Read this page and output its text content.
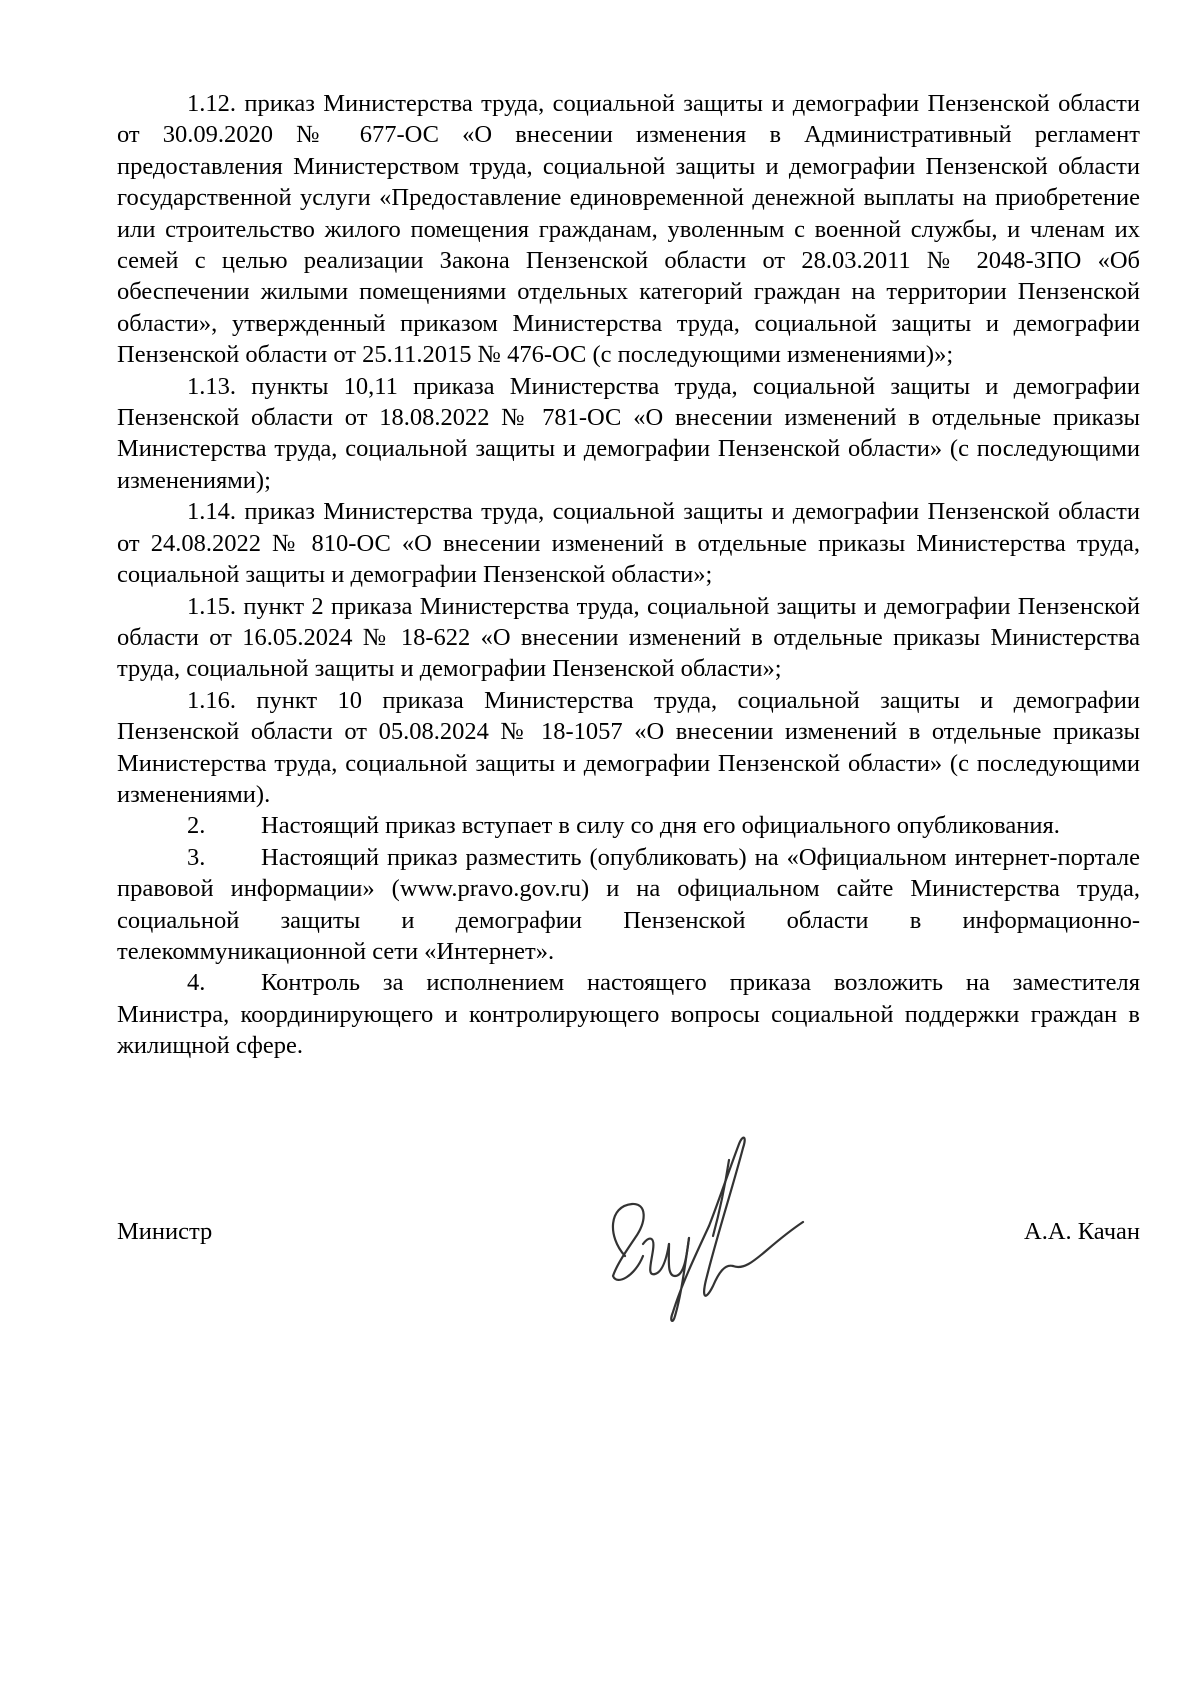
1.12. приказ Министерства труда, социальной защиты и демографии Пензенской области от 30.09.2020 № 677-ОС «О внесении изменения в Административный регламент предоставления Министерством труда, социальной защиты и демографии Пензенской области государственной услуги «Предоставление единовременной денежной выплаты на приобретение или строительство жилого помещения гражданам, уволенным с военной службы, и членам их семей с целью реализации Закона Пензенской области от 28.03.2011 № 2048-ЗПО «Об обеспечении жилыми помещениями отдельных категорий граждан на территории Пензенской области», утвержденный приказом Министерства труда, социальной защиты и демографии Пензенской области от 25.11.2015 № 476-ОС (с последующими изменениями)»;

1.13. пункты 10,11 приказа Министерства труда, социальной защиты и демографии Пензенской области от 18.08.2022 № 781-ОС «О внесении изменений в отдельные приказы Министерства труда, социальной защиты и демографии Пензенской области» (с последующими изменениями);

1.14. приказ Министерства труда, социальной защиты и демографии Пензенской области от 24.08.2022 № 810-ОС «О внесении изменений в отдельные приказы Министерства труда, социальной защиты и демографии Пензенской области»;

1.15. пункт 2 приказа Министерства труда, социальной защиты и демографии Пензенской области от 16.05.2024 № 18-622 «О внесении изменений в отдельные приказы Министерства труда, социальной защиты и демографии Пензенской области»;

1.16. пункт 10 приказа Министерства труда, социальной защиты и демографии Пензенской области от 05.08.2024 № 18-1057 «О внесении изменений в отдельные приказы Министерства труда, социальной защиты и демографии Пензенской области» (с последующими изменениями).

2. Настоящий приказ вступает в силу со дня его официального опубликования.

3. Настоящий приказ разместить (опубликовать) на «Официальном интернет-портале правовой информации» (www.pravo.gov.ru) и на официальном сайте Министерства труда, социальной защиты и демографии Пензенской области в информационно-телекоммуникационной сети «Интернет».

4. Контроль за исполнением настоящего приказа возложить на заместителя Министра, координирующего и контролирующего вопросы социальной поддержки граждан в жилищной сфере.

Министр	А.А. Качан
